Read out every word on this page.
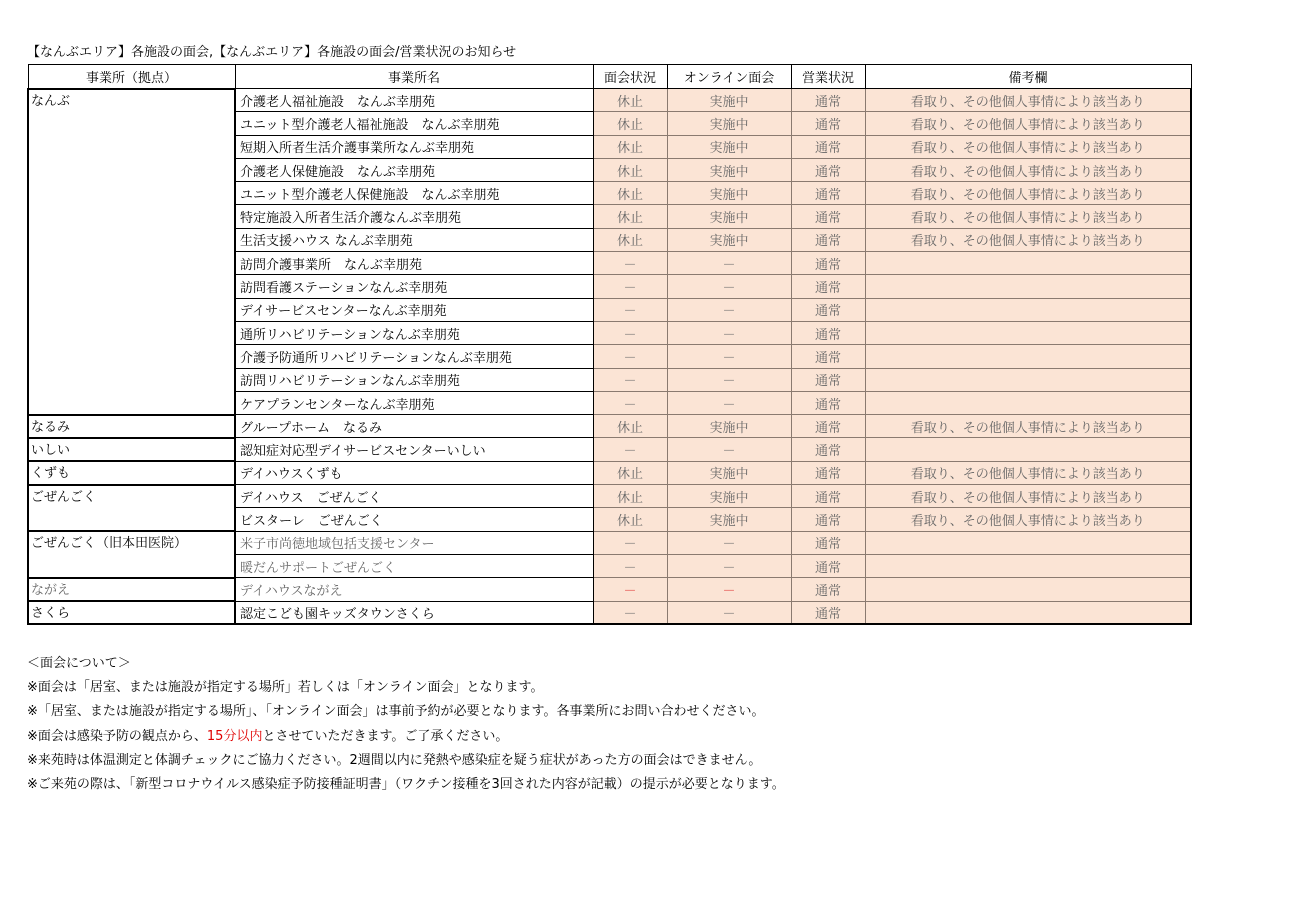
【なんぶエリア】各施設の面会,【なんぶエリア】各施設の面会/営業状況のお知らせ
事業所（拠点）	事業所名	面会状況	オンライン面会	営業状況	備考欄
なんぶ	介護老人福祉施設　なんぶ幸朋苑	休止	実施中	通常	看取り、その他個人事情により該当あり
	ユニット型介護老人福祉施設　なんぶ幸朋苑	休止	実施中	通常	看取り、その他個人事情により該当あり
	短期入所者生活介護事業所なんぶ幸朋苑	休止	実施中	通常	看取り、その他個人事情により該当あり
	介護老人保健施設　なんぶ幸朋苑	休止	実施中	通常	看取り、その他個人事情により該当あり
	ユニット型介護老人保健施設　なんぶ幸朋苑	休止	実施中	通常	看取り、その他個人事情により該当あり
	特定施設入所者生活介護なんぶ幸朋苑	休止	実施中	通常	看取り、その他個人事情により該当あり
	生活支援ハウス なんぶ幸朋苑	休止	実施中	通常	看取り、その他個人事情により該当あり
	訪問介護事業所　なんぶ幸朋苑	－	－	通常	
	訪問看護ステーションなんぶ幸朋苑	－	－	通常	
	デイサービスセンターなんぶ幸朋苑	－	－	通常	
	通所リハビリテーションなんぶ幸朋苑	－	－	通常	
	介護予防通所リハビリテーションなんぶ幸朋苑	－	－	通常	
	訪問リハビリテーションなんぶ幸朋苑	－	－	通常	
	ケアプランセンターなんぶ幸朋苑	－	－	通常	
なるみ	グループホーム　なるみ	休止	実施中	通常	看取り、その他個人事情により該当あり
いしい	認知症対応型デイサービスセンターいしい	－	－	通常	
くずも	デイハウスくずも	休止	実施中	通常	看取り、その他個人事情により該当あり
ごぜんごく	デイハウス　ごぜんごく	休止	実施中	通常	看取り、その他個人事情により該当あり
	ビスターレ　ごぜんごく	休止	実施中	通常	看取り、その他個人事情により該当あり
ごぜんごく（旧本田医院）	米子市尚徳地域包括支援センター	－	－	通常	
	暖だんサポートごぜんごく	－	－	通常	
ながえ	デイハウスながえ	－	－	通常	
さくら	認定こども園キッズタウンさくら	－	－	通常	
＜面会について＞
※面会は「居室、または施設が指定する場所」若しくは「オンライン面会」となります。
※「居室、または施設が指定する場所」、「オンライン面会」は事前予約が必要となります。各事業所にお問い合わせください。
※面会は感染予防の観点から、15分以内とさせていただきます。ご了承ください。
※来苑時は体温測定と体調チェックにご協力ください。2週間以内に発熱や感染症を疑う症状があった方の面会はできません。
※ご来苑の際は、「新型コロナウイルス感染症予防接種証明書」（ワクチン接種を3回された内容が記載）の提示が必要となります。
